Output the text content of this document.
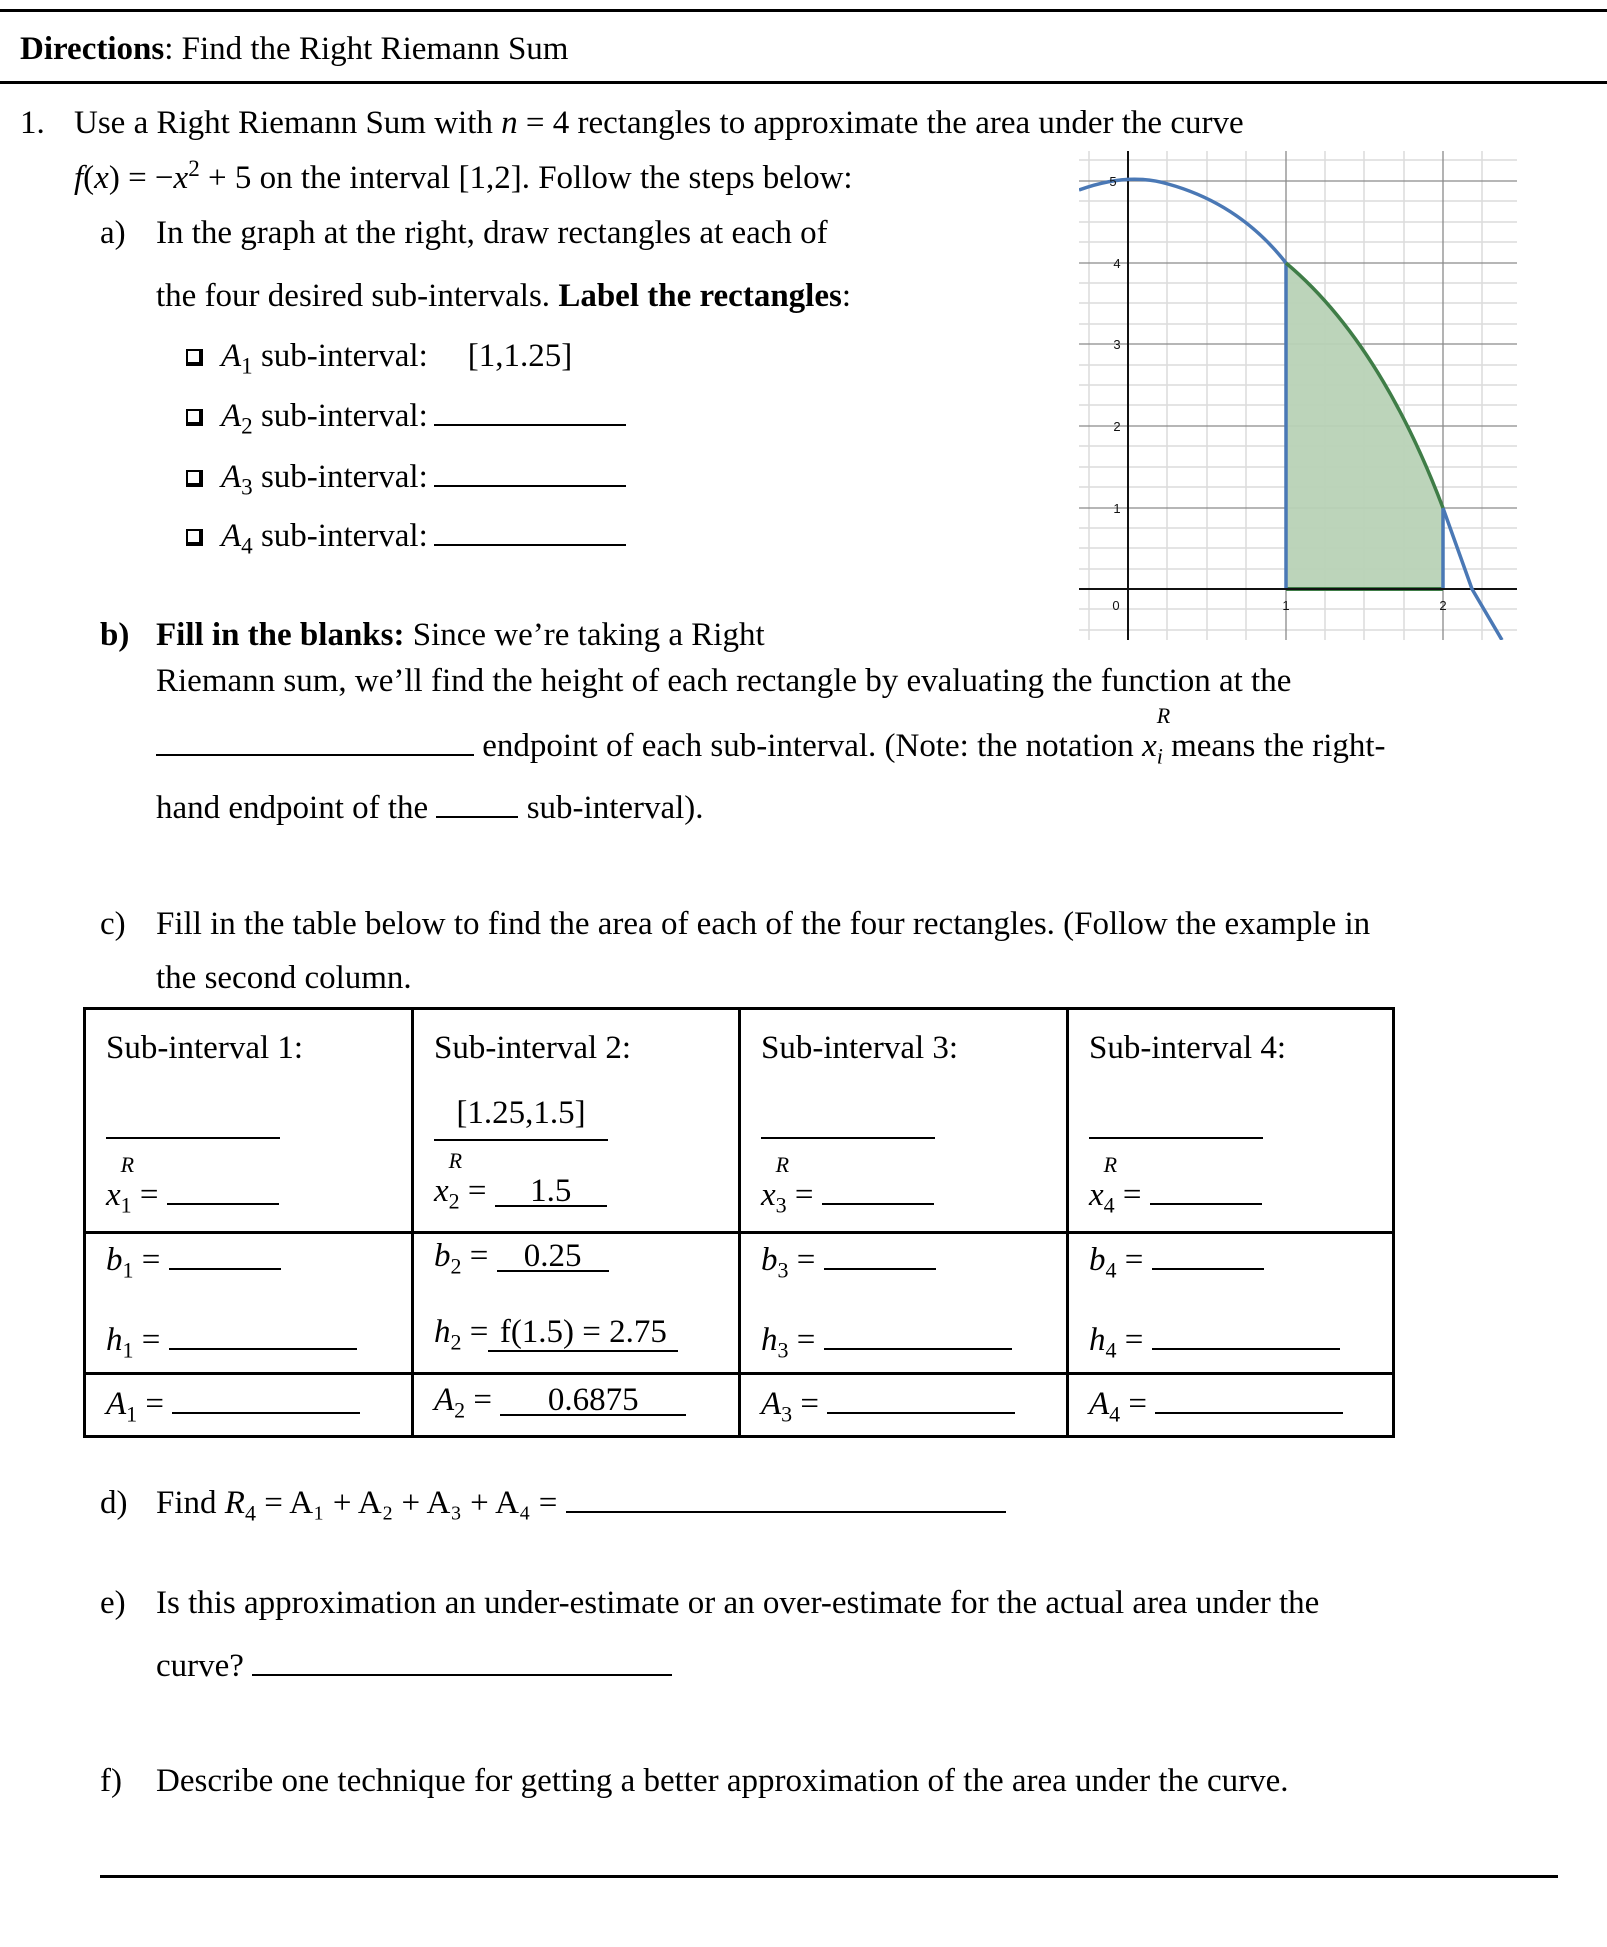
Directions: Find the Right Riemann Sum
1. Use a Right Riemann Sum with n = 4 rectangles to approximate the area under the curve
$f(x) = -x^2 + 5$ on the interval [1,2]. Follow the steps below:
a) In the graph at the right, draw rectangles at each of
the four desired sub-intervals. Label the rectangles:
$A_1$ sub-interval: [1,1.25]
$A_2$ sub-interval:
$A_3$ sub-interval:
$A_4$ sub-interval:
5
4
3
2
1
0	1	2
b) Fill in the blanks: Since we’re taking a Right
Riemann sum, we’ll find the height of each rectangle by evaluating the function at the
endpoint of each sub-interval. (Note: the notation x
R
$_i$ means the right-
hand endpoint of the  sub-interval).
c) Fill in the table below to find the area of each of the four rectangles. (Follow the example in
the second column.
Sub-interval 1:
x
R
$_1$ =
$b_1$ =
$h_1$ =
$A_1$ =
Sub-interval 2:
[1.25,1.5]
x
R
$_2$ = 1.5
$b_2 = 0.25$
$h_2 = f(1.5) = 2.75$
$A_2 = 0.6875$
Sub-interval 3:
x
R
$_3$ =
$b_3$ =
$h_3$ =
$A_3$ =
Sub-interval 4:
x
R
$_4$ =
$b_4$ =
$h_4$ =
$A_4$ =
d) Find $R_4 = A_1 + A_2 + A_3 + A_4$ =
e) Is this approximation an under-estimate or an over-estimate for the actual area under the
curve?
f) Describe one technique for getting a better approximation of the area under the curve.
